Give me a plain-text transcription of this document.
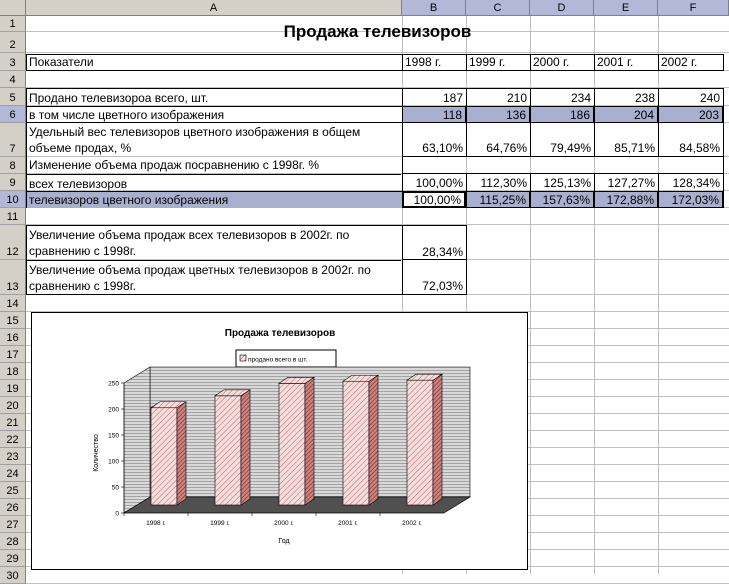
A	B	C	D	E	F
1
2
3
4
5
6
7
8
9
10
11
12
13
14
15
16
17
18
19
20
21
22
23
24
25
26
27
28
29
30
Продажа телевизоров
Показатели	1998 г.	1999 г.	2000 г.	2001 г.	2002 г.
Продано телевизороа всего, шт.	187	210	234	238	240
в том числе цветного изображения	118	136	186	204	203
Удельный вес телевизоров цветного изображения в общем объеме продах, %	63,10%	64,76%	79,49%	85,71%	84,58%
Изменение объема продаж посравнению с 1998г. %
всех телевизоров	100,00%	112,30%	125,13%	127,27%	128,34%
телевизоров цветного изображения	100,00%	115,25%	157,63%	172,88%	172,03%
Увеличение объема продаж всех телевизоров в 2002г. по сравнению с 1998г.	28,34%
Увеличение объема продаж цветных телевизоров в 2002г. по сравнению с 1998г.	72,03%
Продажа телевизоров
продано всего в шт.
0
50
100
150
200
250
1998 г.	1999 г.	2000 г.	2001 г.	2002 г.
Год
Количество
